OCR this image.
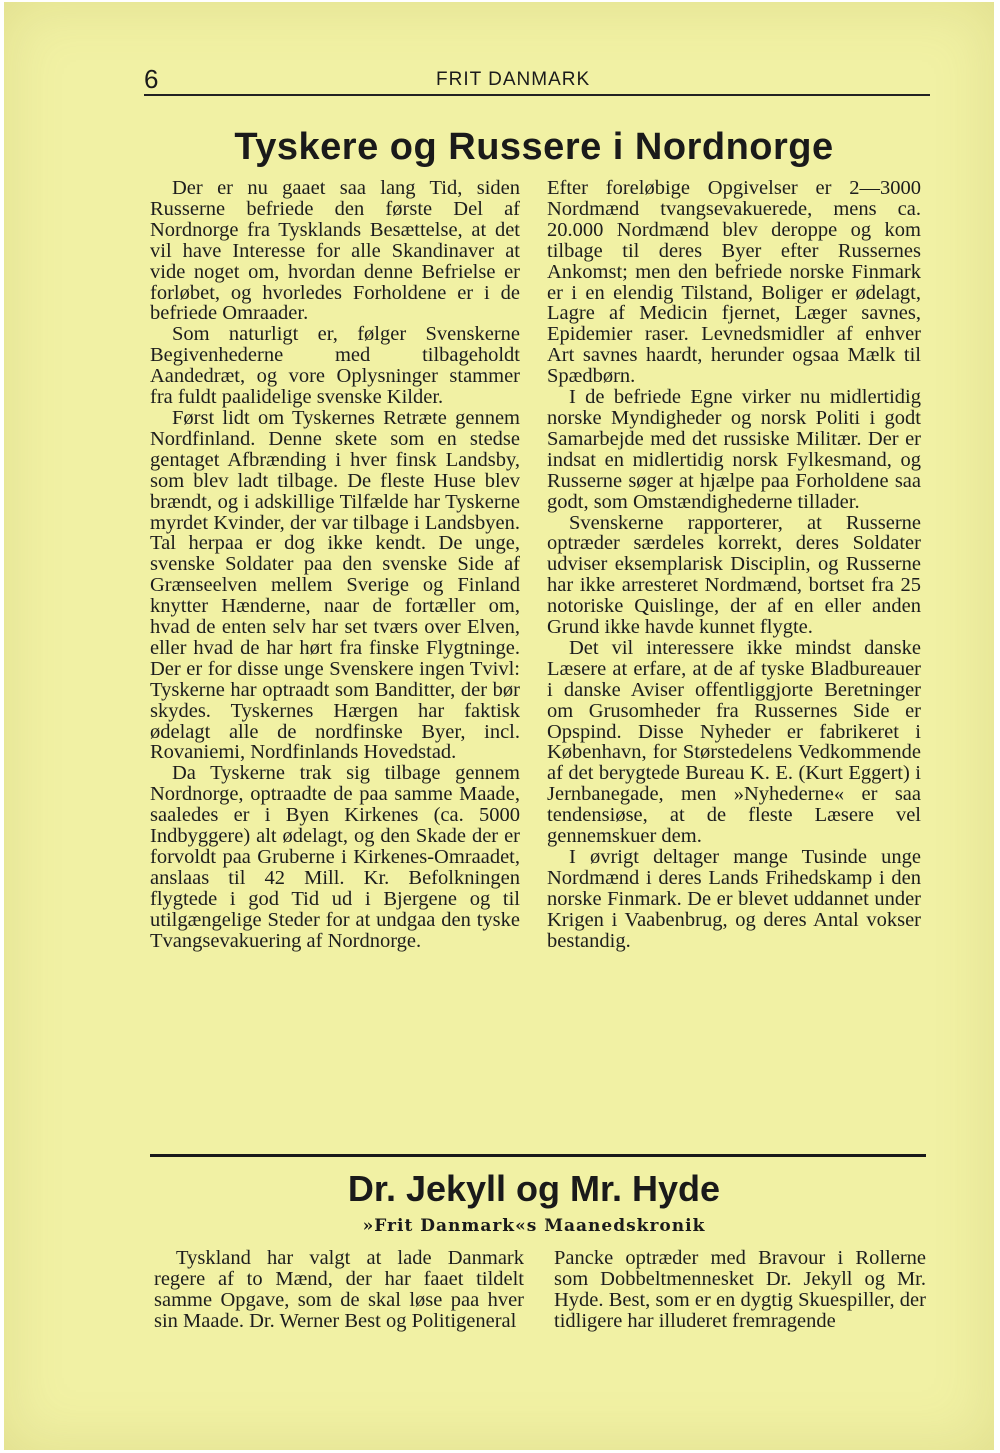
6	FRIT DANMARK
Tyskere og Russere i Nordnorge

Der er nu gaaet saa lang Tid, siden Russerne befriede den første Del af Nordnorge fra Tysklands Besættelse, at det vil have Interesse for alle Skandinaver at vide noget om, hvordan denne Befrielse er forløbet, og hvorledes Forholdene er i de befriede Omraader.

Som naturligt er, følger Svenskerne Begivenhederne med tilbageholdt Aandedræt, og vore Oplysninger stammer fra fuldt paalidelige svenske Kilder.

Først lidt om Tyskernes Retræte gennem Nordfinland. Denne skete som en stedse gentaget Afbrænding i hver finsk Landsby, som blev ladt tilbage. De fleste Huse blev brændt, og i adskillige Tilfælde har Tyskerne myrdet Kvinder, der var tilbage i Landsbyen. Tal herpaa er dog ikke kendt. De unge, svenske Soldater paa den svenske Side af Grænseelven mellem Sverige og Finland knytter Hænderne, naar de fortæller om, hvad de enten selv har set tværs over Elven, eller hvad de har hørt fra finske Flygtninge. Der er for disse unge Svenskere ingen Tvivl: Tyskerne har optraadt som Banditter, der bør skydes. Tyskernes Hærgen har faktisk ødelagt alle de nordfinske Byer, incl. Rovaniemi, Nordfinlands Hovedstad.

Da Tyskerne trak sig tilbage gennem Nordnorge, optraadte de paa samme Maade, saaledes er i Byen Kirkenes (ca. 5000 Indbyggere) alt ødelagt, og den Skade der er forvoldt paa Gruberne i Kirkenes-Omraadet, anslaas til 42 Mill. Kr. Befolkningen flygtede i god Tid ud i Bjergene og til utilgængelige Steder for at undgaa den tyske Tvangsevakuering af Nordnorge.

Efter foreløbige Opgivelser er 2—3000 Nordmænd tvangsevakuerede, mens ca. 20.000 Nordmænd blev deroppe og kom tilbage til deres Byer efter Russernes Ankomst; men den befriede norske Finmark er i en elendig Tilstand, Boliger er ødelagt, Lagre af Medicin fjernet, Læger savnes, Epidemier raser. Levnedsmidler af enhver Art savnes haardt, herunder ogsaa Mælk til Spædbørn.

I de befriede Egne virker nu midlertidig norske Myndigheder og norsk Politi i godt Samarbejde med det russiske Militær. Der er indsat en midlertidig norsk Fylkesmand, og Russerne søger at hjælpe paa Forholdene saa godt, som Omstændighederne tillader.

Svenskerne rapporterer, at Russerne optræder særdeles korrekt, deres Soldater udviser eksemplarisk Disciplin, og Russerne har ikke arresteret Nordmænd, bortset fra 25 notoriske Quislinge, der af en eller anden Grund ikke havde kunnet flygte.

Det vil interessere ikke mindst danske Læsere at erfare, at de af tyske Bladbureauer i danske Aviser offentliggjorte Beretninger om Grusomheder fra Russernes Side er Opspind. Disse Nyheder er fabrikeret i København, for Størstedelens Vedkommende af det berygtede Bureau K. E. (Kurt Eggert) i Jernbanegade, men »Nyhederne« er saa tendensiøse, at de fleste Læsere vel gennemskuer dem.

I øvrigt deltager mange Tusinde unge Nordmænd i deres Lands Frihedskamp i den norske Finmark. De er blevet uddannet under Krigen i Vaabenbrug, og deres Antal vokser bestandig.

Dr. Jekyll og Mr. Hyde
»Frit Danmark«s Maanedskronik

Tyskland har valgt at lade Danmark regere af to Mænd, der har faaet tildelt samme Opgave, som de skal løse paa hver sin Maade. Dr. Werner Best og Politigeneral

Pancke optræder med Bravour i Rollerne som Dobbeltmennesket Dr. Jekyll og Mr. Hyde. Best, som er en dygtig Skuespiller, der tidligere har illuderet fremragende
